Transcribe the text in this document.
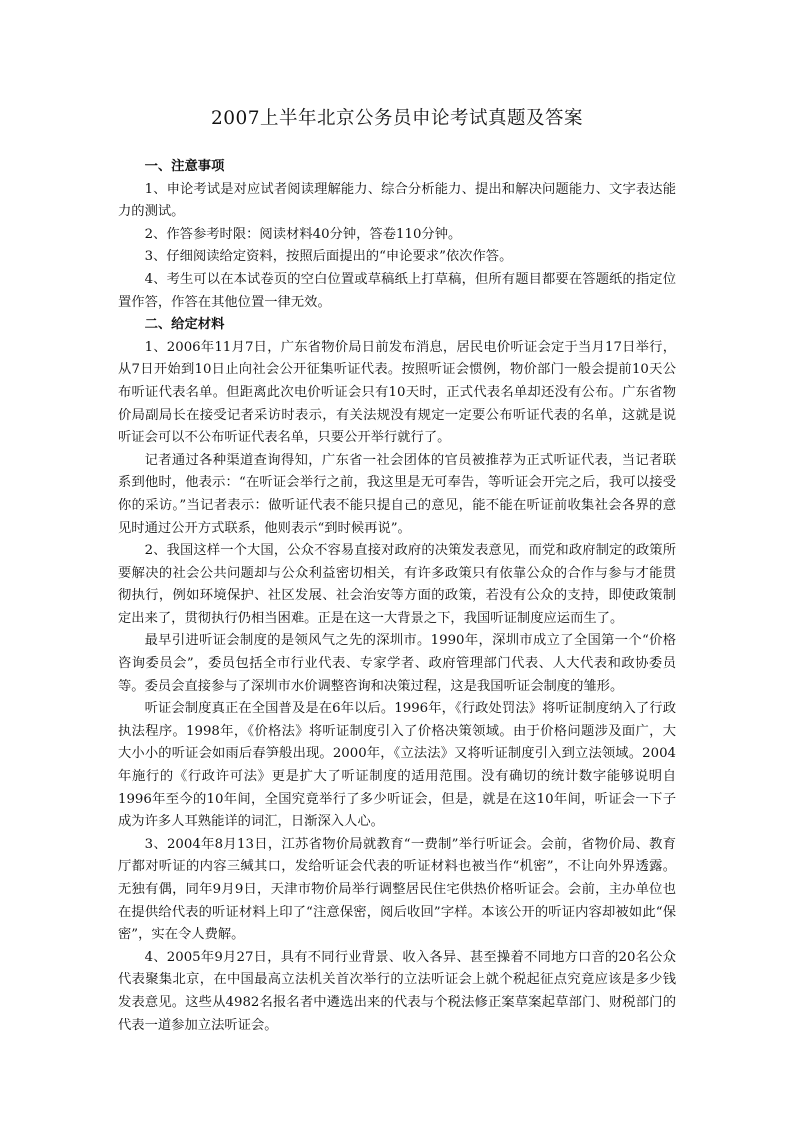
2007上半年北京公务员申论考试真题及答案
一、注意事项

1、申论考试是对应试者阅读理解能力、综合分析能力、提出和解决问题能力、文字表达能力的测试。

2、作答参考时限：阅读材料40分钟，答卷110分钟。

3、仔细阅读给定资料，按照后面提出的“申论要求”依次作答。

4、考生可以在本试卷页的空白位置或草稿纸上打草稿，但所有题目都要在答题纸的指定位置作答，作答在其他位置一律无效。

二、给定材料

1、2006年11月7日，广东省物价局日前发布消息，居民电价听证会定于当月17日举行，从7日开始到10日止向社会公开征集听证代表。按照听证会惯例，物价部门一般会提前10天公布听证代表名单。但距离此次电价听证会只有10天时，正式代表名单却还没有公布。广东省物价局副局长在接受记者采访时表示，有关法规没有规定一定要公布听证代表的名单，这就是说听证会可以不公布听证代表名单，只要公开举行就行了。

记者通过各种渠道查询得知，广东省一社会团体的官员被推荐为正式听证代表，当记者联系到他时，他表示：“在听证会举行之前，我这里是无可奉告，等听证会开完之后，我可以接受你的采访。”当记者表示：做听证代表不能只提自己的意见，能不能在听证前收集社会各界的意见时通过公开方式联系，他则表示“到时候再说”。

2、我国这样一个大国，公众不容易直接对政府的决策发表意见，而党和政府制定的政策所要解决的社会公共问题却与公众利益密切相关，有许多政策只有依靠公众的合作与参与才能贯彻执行，例如环境保护、社区发展、社会治安等方面的政策，若没有公众的支持，即使政策制定出来了，贯彻执行仍相当困难。正是在这一大背景之下，我国听证制度应运而生了。

最早引进听证会制度的是领风气之先的深圳市。1990年，深圳市成立了全国第一个“价格咨询委员会”，委员包括全市行业代表、专家学者、政府管理部门代表、人大代表和政协委员等。委员会直接参与了深圳市水价调整咨询和决策过程，这是我国听证会制度的雏形。

听证会制度真正在全国普及是在6年以后。1996年，《行政处罚法》将听证制度纳入了行政执法程序。1998年，《价格法》将听证制度引入了价格决策领域。由于价格问题涉及面广，大大小小的听证会如雨后春笋般出现。2000年，《立法法》又将听证制度引入到立法领域。2004年施行的《行政许可法》更是扩大了听证制度的适用范围。没有确切的统计数字能够说明自1996年至今的10年间，全国究竟举行了多少听证会，但是，就是在这10年间，听证会一下子成为许多人耳熟能详的词汇，日渐深入人心。

3、2004年8月13日，江苏省物价局就教育“一费制”举行听证会。会前，省物价局、教育厅都对听证的内容三缄其口，发给听证会代表的听证材料也被当作“机密”，不让向外界透露。无独有偶，同年9月9日，天津市物价局举行调整居民住宅供热价格听证会。会前，主办单位也在提供给代表的听证材料上印了“注意保密，阅后收回”字样。本该公开的听证内容却被如此“保密”，实在令人费解。

4、2005年9月27日，具有不同行业背景、收入各异、甚至操着不同地方口音的20名公众代表聚集北京，在中国最高立法机关首次举行的立法听证会上就个税起征点究竟应该是多少钱发表意见。这些从4982名报名者中遴选出来的代表与个税法修正案草案起草部门、财税部门的代表一道参加立法听证会。
